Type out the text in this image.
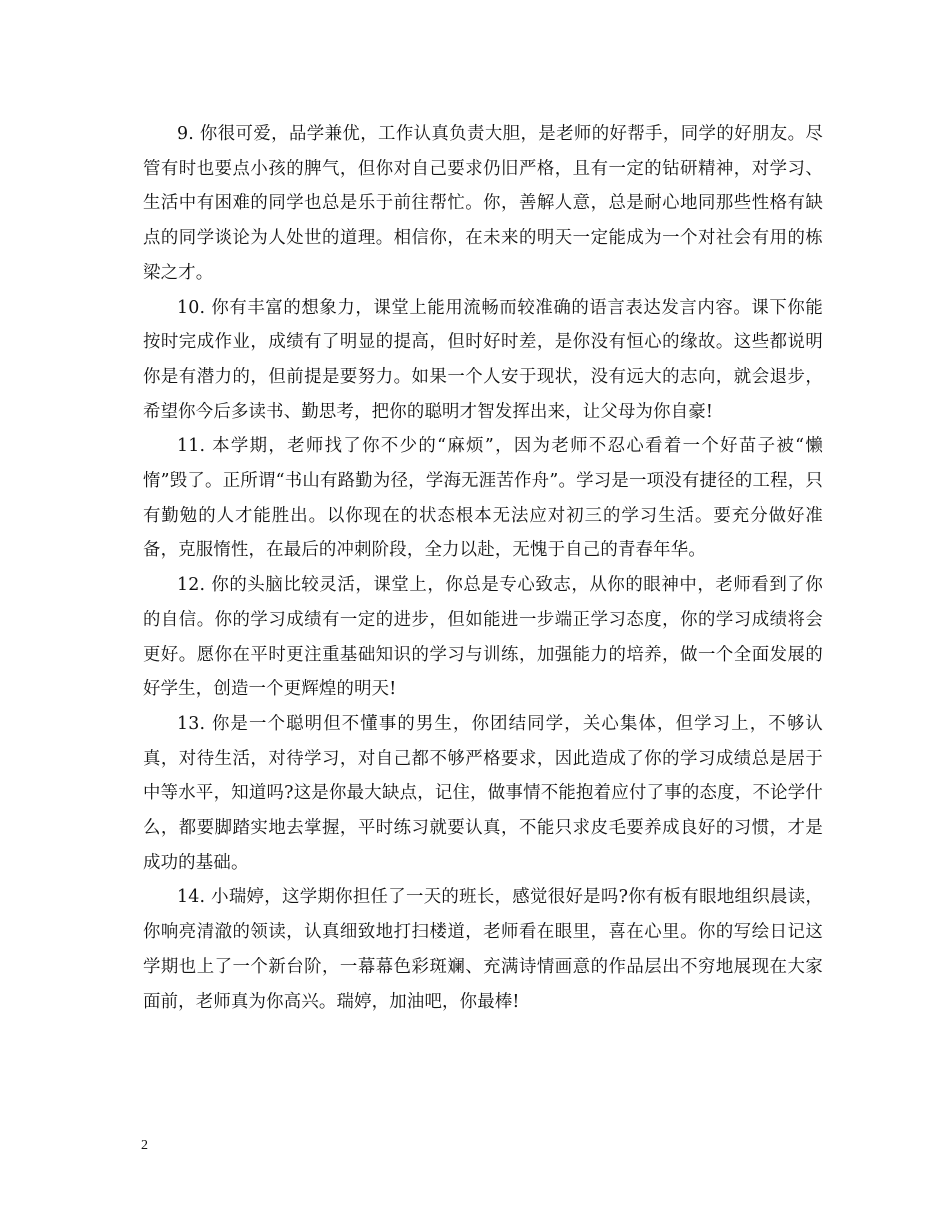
9. 你很可爱，品学兼优，工作认真负责大胆，是老师的好帮手，同学的好朋友。尽管有时也要点小孩的脾气，但你对自己要求仍旧严格，且有一定的钻研精神，对学习、生活中有困难的同学也总是乐于前往帮忙。你，善解人意，总是耐心地同那些性格有缺点的同学谈论为人处世的道理。相信你，在未来的明天一定能成为一个对社会有用的栋梁之才。

10. 你有丰富的想象力，课堂上能用流畅而较准确的语言表达发言内容。课下你能按时完成作业，成绩有了明显的提高，但时好时差，是你没有恒心的缘故。这些都说明你是有潜力的，但前提是要努力。如果一个人安于现状，没有远大的志向，就会退步，希望你今后多读书、勤思考，把你的聪明才智发挥出来，让父母为你自豪!

11. 本学期，老师找了你不少的“麻烦”，因为老师不忍心看着一个好苗子被“懒惰”毁了。正所谓“书山有路勤为径，学海无涯苦作舟”。学习是一项没有捷径的工程，只有勤勉的人才能胜出。以你现在的状态根本无法应对初三的学习生活。要充分做好准备，克服惰性，在最后的冲刺阶段，全力以赴，无愧于自己的青春年华。

12. 你的头脑比较灵活，课堂上，你总是专心致志，从你的眼神中，老师看到了你的自信。你的学习成绩有一定的进步，但如能进一步端正学习态度，你的学习成绩将会更好。愿你在平时更注重基础知识的学习与训练，加强能力的培养，做一个全面发展的好学生，创造一个更辉煌的明天!

13. 你是一个聪明但不懂事的男生，你团结同学，关心集体，但学习上，不够认真，对待生活，对待学习，对自己都不够严格要求，因此造成了你的学习成绩总是居于中等水平，知道吗?这是你最大缺点，记住，做事情不能抱着应付了事的态度，不论学什么，都要脚踏实地去掌握，平时练习就要认真，不能只求皮毛要养成良好的习惯，才是成功的基础。

14. 小瑞婷，这学期你担任了一天的班长，感觉很好是吗?你有板有眼地组织晨读，你响亮清澈的领读，认真细致地打扫楼道，老师看在眼里，喜在心里。你的写绘日记这学期也上了一个新台阶，一幕幕色彩斑斓、充满诗情画意的作品层出不穷地展现在大家面前，老师真为你高兴。瑞婷，加油吧，你最棒!

2
